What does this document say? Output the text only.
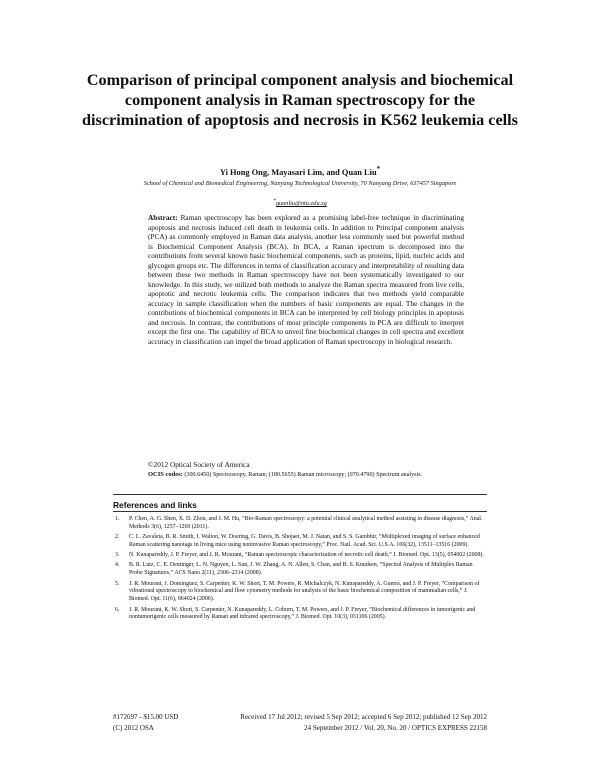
Comparison of principal component analysis and biochemical component analysis in Raman spectroscopy for the discrimination of apoptosis and necrosis in K562 leukemia cells
Yi Hong Ong, Mayasari Lim, and Quan Liu*
School of Chemical and Biomedical Engineering, Nanyang Technological University, 70 Nanyang Drive, 637457 Singapore
*quanliu@ntu.edu.sg

Abstract: Raman spectroscopy has been explored as a promising label-free technique in discriminating apoptosis and necrosis induced cell death in leukemia cells. In addition to Principal component analysis (PCA) as commonly employed in Raman data analysis, another less commonly used but powerful method is Biochemical Component Analysis (BCA). In BCA, a Raman spectrum is decomposed into the contributions from several known basic biochemical components, such as proteins, lipid, nucleic acids and glycogen groups etc. The differences in terms of classification accuracy and interpretability of resulting data between these two methods in Raman spectroscopy have not been systematically investigated to our knowledge. In this study, we utilized both methods to analyze the Raman spectra measured from live cells, apoptotic and necrotic leukemia cells. The comparison indicates that two methods yield comparable accuracy in sample classification when the numbers of basic components are equal. The changes in the contributions of biochemical components in BCA can be interpreted by cell biology principles in apoptosis and necrosis. In contrast, the contributions of most principle components in PCA are difficult to interpret except the first one. The capability of BCA to unveil fine biochemical changes in cell spectra and excellent accuracy in classification can impel the broad application of Raman spectroscopy in biological research.

©2012 Optical Society of America
OCIS codes: (300.6450) Spectroscopy, Raman; (180.5655) Raman microscopy; (070.4790) Spectrum analysis.
References and links
1. P. Chen, A. G. Shen, X. D. Zhou, and J. M. Hu, “Bio-Raman spectroscopy: a potential clinical analytical method assisting in disease diagnosis,” Anal. Methods 3(6), 1257–1269 (2011).
2. C. L. Zavaleta, B. R. Smith, I. Walton, W. Doering, G. Davis, B. Shojaei, M. J. Natan, and S. S. Gambhir, “Multiplexed imaging of surface enhanced Raman scattering nanotags in living mice using noninvasive Raman spectroscopy,” Proc. Natl. Acad. Sci. U.S.A. 106(32), 13511–13516 (2009).
3. N. Kunapareddy, J. P. Freyer, and J. R. Mourant, “Raman spectroscopic characterization of necrotic cell death,” J. Biomed. Opt. 13(5), 054002 (2008).
4. B. R. Lutz, C. E. Dentinger, L. N. Nguyen, L. Sun, J. W. Zhang, A. N. Allen, S. Chan, and B. S. Knudsen, “Spectral Analysis of Multiplex Raman Probe Signatures,” ACS Nano 2(11), 2306–2314 (2008).
5. J. R. Mourant, J. Dominguez, S. Carpenter, K. W. Short, T. M. Powers, R. Michalczyk, N. Kunapareddy, A. Guerra, and J. P. Freyer, “Comparison of vibrational spectroscopy to biochemical and flow cytometry methods for analysis of the basic biochemical composition of mammalian cells,” J. Biomed. Opt. 11(6), 064024 (2006).
6. J. R. Mourant, K. W. Short, S. Carpenter, N. Kunapareddy, L. Coburn, T. M. Powers, and J. P. Freyer, “Biochemical differences in tumorigenic and nontumorigenic cells measured by Raman and infrared spectroscopy,” J. Biomed. Opt. 10(3), 031106 (2005).
#172697 - $15.00 USD	Received 17 Jul 2012; revised 5 Sep 2012; accepted 6 Sep 2012; published 12 Sep 2012
(C) 2012 OSA	24 September 2012 / Vol. 20, No. 20 / OPTICS EXPRESS 22158
